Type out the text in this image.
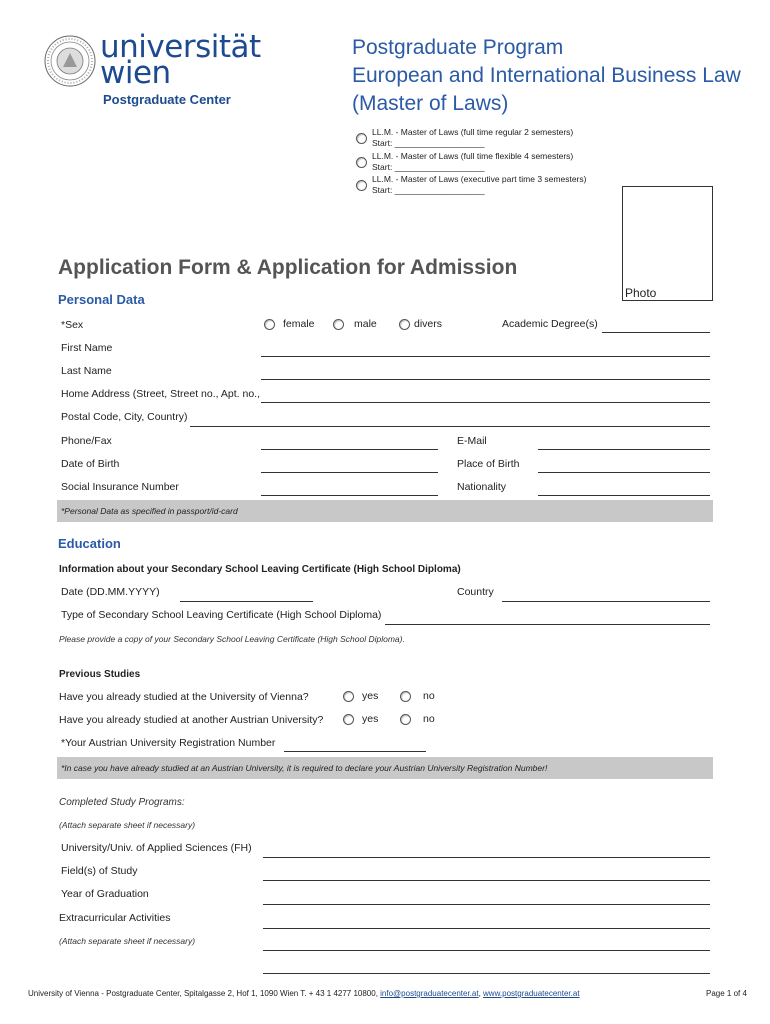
universität
wien
Postgraduate Center
Postgraduate Program
European and International Business Law
(Master of Laws)
LL.M. - Master of Laws (full time regular 2 semesters)
Start: ___________________
LL.M. - Master of Laws (full time flexible 4 semesters)
Start: ___________________
LL.M. - Master of Laws (executive part time 3 semesters)
Start: ___________________
Photo
Application Form & Application for Admission
Personal Data
*Sex	female	male	divers	Academic Degree(s)
First Name
Last Name
Home Address (Street, Street no., Apt. no.,
Postal Code, City, Country)
Phone/Fax	E-Mail
Date of Birth	Place of Birth
Social Insurance Number	Nationality
*Personal Data as specified in passport/id-card
Education
Information about your Secondary School Leaving Certificate (High School Diploma)
Date (DD.MM.YYYY)	Country
Type of Secondary School Leaving Certificate (High School Diploma)
Please provide a copy of your Secondary School Leaving Certificate (High School Diploma).
Previous Studies
Have you already studied at the University of Vienna?	yes	no
Have you already studied at another Austrian University?	yes	no
*Your Austrian University Registration Number
*In case you have already studied at an Austrian University, it is required to declare your Austrian University Registration Number!
Completed Study Programs:
(Attach separate sheet if necessary)
University/Univ. of Applied Sciences (FH)
Field(s) of Study
Year of Graduation
Extracurricular Activities
(Attach separate sheet if necessary)
University of Vienna - Postgraduate Center, Spitalgasse 2, Hof 1, 1090 Wien T. + 43 1 4277 10800, info@postgraduatecenter.at, www.postgraduatecenter.at	Page 1 of 4
